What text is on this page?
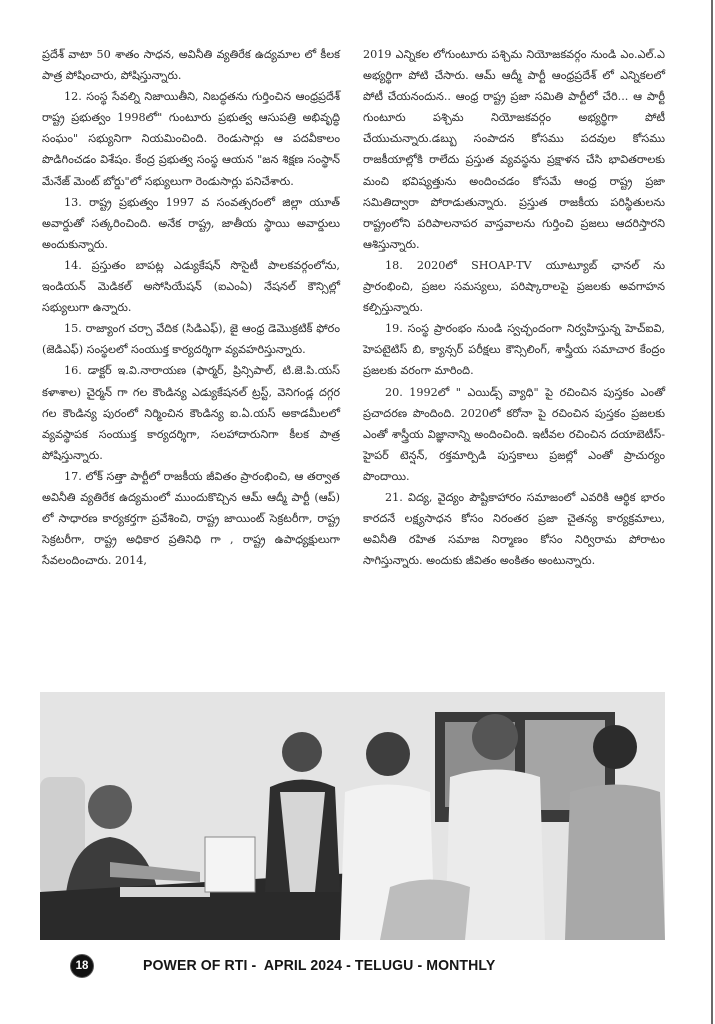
ప్రదేశ్ వాటా 50 శాతం సాధన, అవినీతి వ్యతిరేక ఉద్యమాల లో కీలక పాత్ర పోషించారు, పోషిస్తున్నారు.

12. సంస్థ సేవల్ని నిజాయితీని, నిబద్ధతను గుర్తించిన ఆంధ్రప్రదేశ్ రాష్ట్ర ప్రభుత్వం 1998లో" గుంటూరు ప్రభుత్వ ఆసుపత్రి అభివృద్ధి సంఘం" సభ్యునిగా నియమించింది. రెండుసార్లు ఆ పదవీకాలం పొడిగించడం విశేషం. కేంద్ర ప్రభుత్వ సంస్థ ఆయన "జన శిక్షణ సంస్థాన్ మేనేజ్ మెంట్ బోర్డు"లో సభ్యులుగా రెండుసార్లు పనిచేశారు.

13. రాష్ట్ర ప్రభుత్వం 1997 వ సంవత్సరంలో జిల్లా యూత్ అవార్డుతో సత్కరించింది. అనేక రాష్ట్ర, జాతీయ స్థాయి అవార్డులు అందుకున్నారు.

14. ప్రస్తుతం బాపట్ల ఎడ్యుకేషన్ సొసైటీ పాలకవర్గంలోను, ఇండియన్ మెడికల్ అసోసియేషన్ (ఐఎంఏ) నేషనల్ కౌన్సిల్లో సభ్యులుగా ఉన్నారు.

15. రాజ్యాంగ చర్చా వేదిక (సిడిఎఫ్), జై ఆంధ్ర డెమొక్రటిక్ ఫోరం (జెడిఎఫ్) సంస్థలలో సంయుక్త కార్యదర్శిగా వ్యవహరిస్తున్నారు.

16. డాక్టర్ ఇ.వి.నారాయణ (ఫార్మర్, ప్రిన్సిపాల్, టి.జె.పి.యస్ కళాశాల) చైర్మన్ గా గల కౌండిన్య ఎడ్యుకేషనల్ ట్రస్ట్, వెనిగండ్ల దగ్గర గల కౌండిన్య పురంలో నిర్మించిన కౌండిన్య ఐ.ఏ.యస్ అకాడమీలలో వ్యవస్థాపక సంయుక్త కార్యదర్శిగా, సలహాదారునిగా కీలక పాత్ర పోషిస్తున్నారు.

17. లోక్ సత్తా పార్టీలో రాజకీయ జీవితం ప్రారంభించి, ఆ తర్వాత అవినీతి వ్యతిరేక ఉద్యమంలో ముందుకొచ్చిన ఆమ్ ఆద్మీ పార్టీ (ఆప్) లో సాధారణ కార్యకర్తగా ప్రవేశించి, రాష్ట్ర జాయింట్ సెక్రటరీగా, రాష్ట్ర సెక్రటరీగా, రాష్ట్ర అధికార ప్రతినిధి గా , రాష్ట్ర ఉపాధ్యక్షులుగా సేవలందించారు. 2014,

2019 ఎన్నికల లోగుంటూరు పశ్చిమ నియోజకవర్గం నుండి ఎం.ఎల్.ఎ అభ్యర్థిగా పోటి చేసారు. ఆమ్ ఆద్మీ పార్టీ ఆంధ్రప్రదేశ్ లో ఎన్నికలలో పోటీ చేయనందున.. ఆంధ్ర రాష్ట్ర ప్రజా సమితి పార్టీలో చేరి... ఆ పార్టీ గుంటూరు పశ్చిమ నియోజకవర్గం అభ్యర్థిగా పోటీ చేయుచున్నారు.డబ్బు సంపాదన కోసము పదవుల కోసము రాజకీయాల్లోకి రాలేదు ప్రస్తుత వ్యవస్థను ప్రక్షాళన చేసి భావితరాలకు మంచి భవిష్యత్తును అందించడం కోసమే ఆంధ్ర రాష్ట్ర ప్రజా సమితిద్వారా పోరాడుతున్నారు. ప్రస్తుత రాజకీయ పరిస్థితులను రాష్ట్రంలోని పరిపాలనాపర వాస్తవాలను గుర్తించి ప్రజలు ఆదరిస్తారని ఆశిస్తున్నారు.

18. 2020లో SHOAP-TV యూట్యూబ్ ఛానల్ ను ప్రారంభించి, ప్రజల సమస్యలు, పరిష్కారాలపై ప్రజలకు అవగాహన కల్పిస్తున్నారు.

19. సంస్థ ప్రారంభం నుండి స్వచ్ఛందంగా నిర్వహిస్తున్న హెచ్ఐవి, హెపటైటిస్ బి, క్యాన్సర్ పరీక్షలు కౌన్సిలింగ్, శాస్త్రీయ సమాచార కేంద్రం ప్రజలకు వరంగా మారింది.

20. 1992లో " ఎయిడ్స్ వ్యాధి" పై రచించిన పుస్తకం ఎంతో ప్రచాదరణ పొందింది. 2020లో కరోనా పై రచించిన పుస్తకం ప్రజలకు ఎంతో శాస్త్రీయ విజ్ఞానాన్ని అందించింది. ఇటీవల రచించిన దయాబెటీస్- హైపర్ టెన్షన్, రక్తమార్పిడి పుస్తకాలు ప్రజల్లో ఎంతో ప్రాచుర్యం పొందాయి.

21. విద్య, వైద్యం పౌష్టికాహారం సమాజంలో ఎవరికి ఆర్థిక భారం కారదనే లక్ష్యసాధన కోసం నిరంతర ప్రజా చైతన్య కార్యక్రమాలు, అవినీతి రహిత సమాజ నిర్మాణం కోసం నిర్విరామ పోరాటం సాగిస్తున్నారు. అందుకు జీవితం అంకితం అంటున్నారు.

18	POWER OF RTI -  APRIL 2024 - TELUGU - MONTHLY
